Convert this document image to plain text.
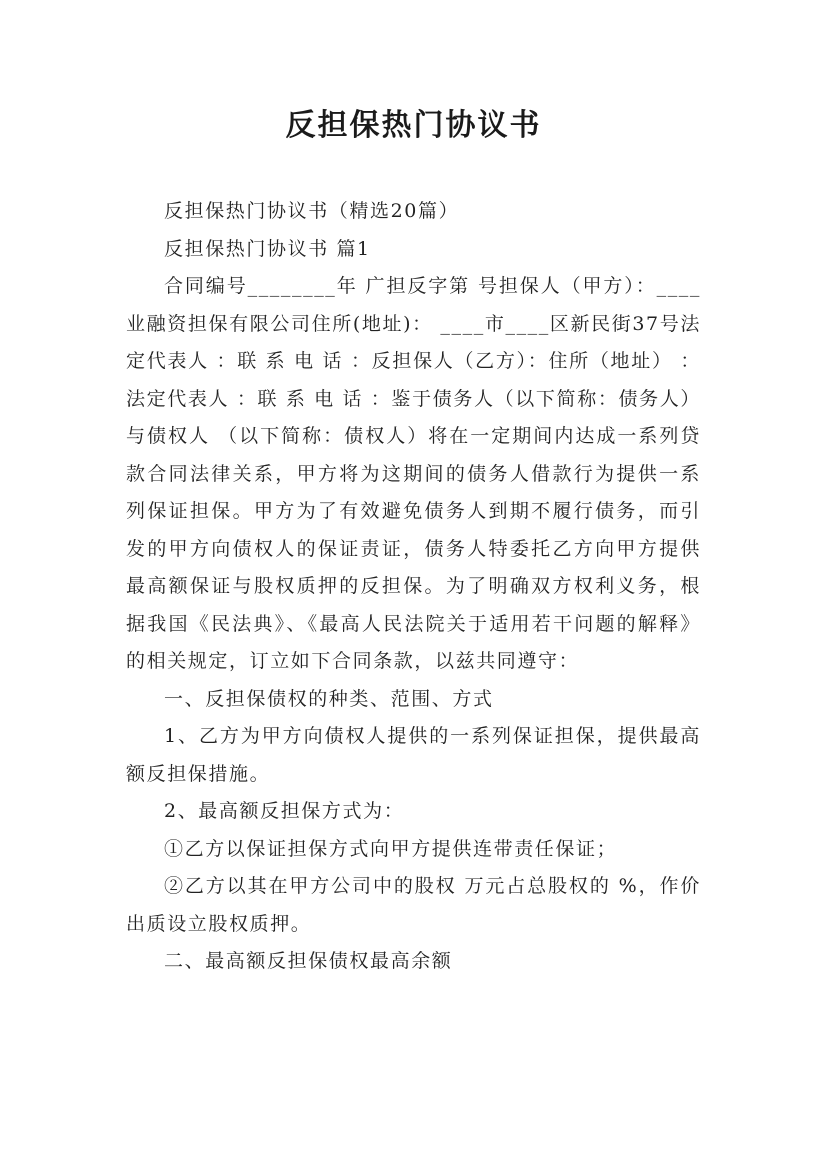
反担保热门协议书

反担保热门协议书（精选20篇）

反担保热门协议书 篇1

合同编号________年 广担反字第 号担保人（甲方）：____业融资担保有限公司住所(地址)： ____市____区新民街37号法定代表人 ：联 系 电 话 ：反担保人（乙方）：住所（地址） ：法定代表人 ：联 系 电 话 ：鉴于债务人（以下简称：债务人）与债权人 （以下简称：债权人）将在一定期间内达成一系列贷款合同法律关系，甲方将为这期间的债务人借款行为提供一系列保证担保。甲方为了有效避免债务人到期不履行债务，而引发的甲方向债权人的保证责证，债务人特委托乙方向甲方提供最高额保证与股权质押的反担保。为了明确双方权利义务，根据我国《民法典》、《最高人民法院关于适用若干问题的解释》的相关规定，订立如下合同条款，以兹共同遵守：

一、反担保债权的种类、范围、方式

1、乙方为甲方向债权人提供的一系列保证担保，提供最高额反担保措施。

2、最高额反担保方式为：

①乙方以保证担保方式向甲方提供连带责任保证；

②乙方以其在甲方公司中的股权 万元占总股权的 %，作价出质设立股权质押。

二、最高额反担保债权最高余额
